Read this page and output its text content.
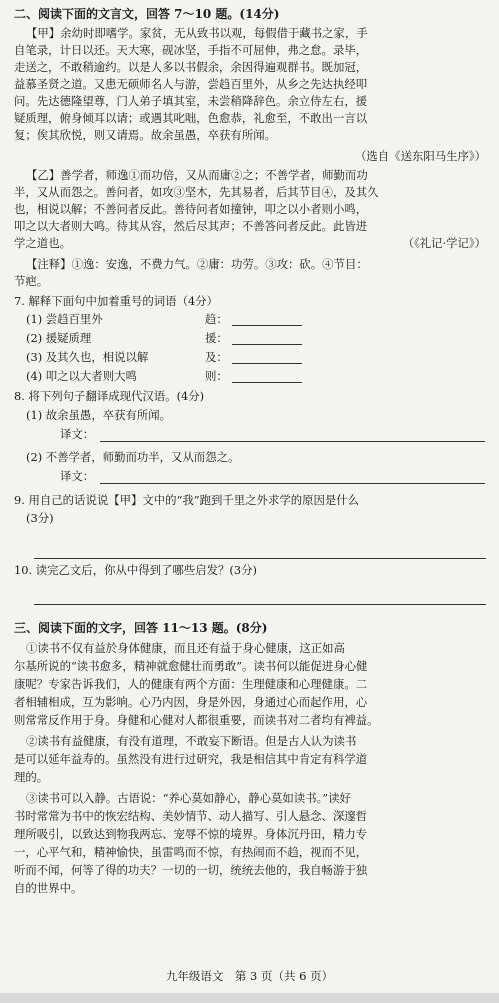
二、阅读下面的文言文，回答 7～10 题。(14分)
【甲】余幼时即嗜学。家贫，无从致书以观，每假借于藏书之家，手
自笔录，计日以还。天大寒，砚冰坚，手指不可屈伸，弗之怠。录毕，
走送之，不敢稍逾约。以是人多以书假余，余因得遍观群书。既加冠，
益慕圣贤之道。又患无硕师名人与游，尝趋百里外，从乡之先达执经叩
问。先达德隆望尊，门人弟子填其室，未尝稍降辞色。余立侍左右，援
疑质理，俯身倾耳以请；或遇其叱咄，色愈恭，礼愈至，不敢出一言以
复；俟其欣悦，则又请焉。故余虽愚，卒获有所闻。
（选自《送东阳马生序》）
【乙】善学者，师逸①而功倍，又从而庸②之；不善学者，师勤而功
半，又从而怨之。善问者，如攻③坚木，先其易者，后其节目④，及其久
也，相说以解；不善问者反此。善待问者如撞钟，叩之以小者则小鸣，
叩之以大者则大鸣。待其从容，然后尽其声；不善答问者反此。此皆进
学之道也。	（《礼记·学记》）
【注释】①逸：安逸，不费力气。②庸：功劳。③攻：砍。④节目：
节疤。
7. 解释下面句中加着重号的词语（4分）
(1) 尝趋百里外	趋：
(2) 援疑质理	援：
(3) 及其久也，相说以解	及：
(4) 叩之以大者则大鸣	则：
8. 将下列句子翻译成现代汉语。(4分)
(1) 故余虽愚，卒获有所闻。
译文：
(2) 不善学者，师勤而功半，又从而怨之。
译文：
9. 用自己的话说说【甲】文中的“我”跑到千里之外求学的原因是什么
(3分)
10. 读完乙文后，你从中得到了哪些启发？(3分)
三、阅读下面的文字，回答 11～13 题。(8分)
①读书不仅有益於身体健康，而且还有益于身心健康，这正如高
尔基所说的“读书愈多，精神就愈健壮而勇敢”。读书何以能促进身心健
康呢？专家告诉我们，人的健康有两个方面：生理健康和心理健康。二
者相辅相成，互为影响。心乃内因，身是外因，身通过心而起作用，心
则常常反作用于身。身健和心健对人都很重要，而读书对二者均有裨益。
②读书有益健康，有没有道理，不敢妄下断语。但是古人认为读书
是可以延年益寿的。虽然没有进行过研究，我是相信其中肯定有科学道
理的。
③读书可以入静。古语说：“养心莫如静心，静心莫如读书。”读好
书时常常为书中的恢宏结构、美妙情节、动人描写、引人悬念、深邃哲
理所吸引，以致达到物我两忘、宠辱不惊的境界。身体沉丹田，精力专
一，心平气和，精神愉快，虽雷鸣而不惊，有热闹而不趋，视而不见，
听而不闻，何等了得的功夫？一切的一切，统统去他的，我自畅游于独
自的世界中。
九年级语文　第 3 页（共 6 页）
